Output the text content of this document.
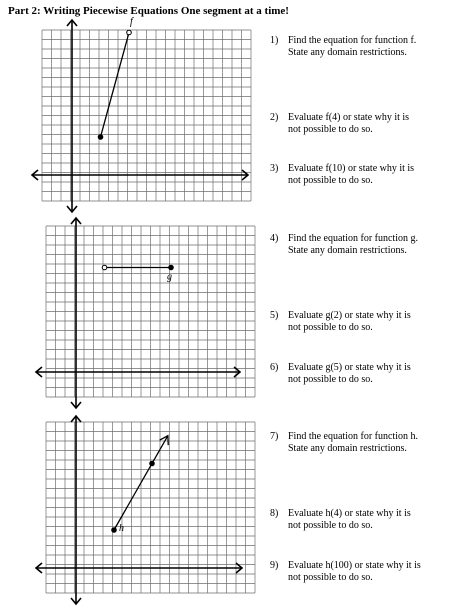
Part 2: Writing Piecewise Equations One segment at a time!
f
g
h
1) Find the equation for function f.
State any domain restrictions.
2) Evaluate f(4) or state why it is
not possible to do so.
3) Evaluate f(10) or state why it is
not possible to do so.
4) Find the equation for function g.
State any domain restrictions.
5) Evaluate g(2) or state why it is
not possible to do so.
6) Evaluate g(5) or state why it is
not possible to do so.
7) Find the equation for function h.
State any domain restrictions.
8) Evaluate h(4) or state why it is
not possible to do so.
9) Evaluate h(100) or state why it is
not possible to do so.
